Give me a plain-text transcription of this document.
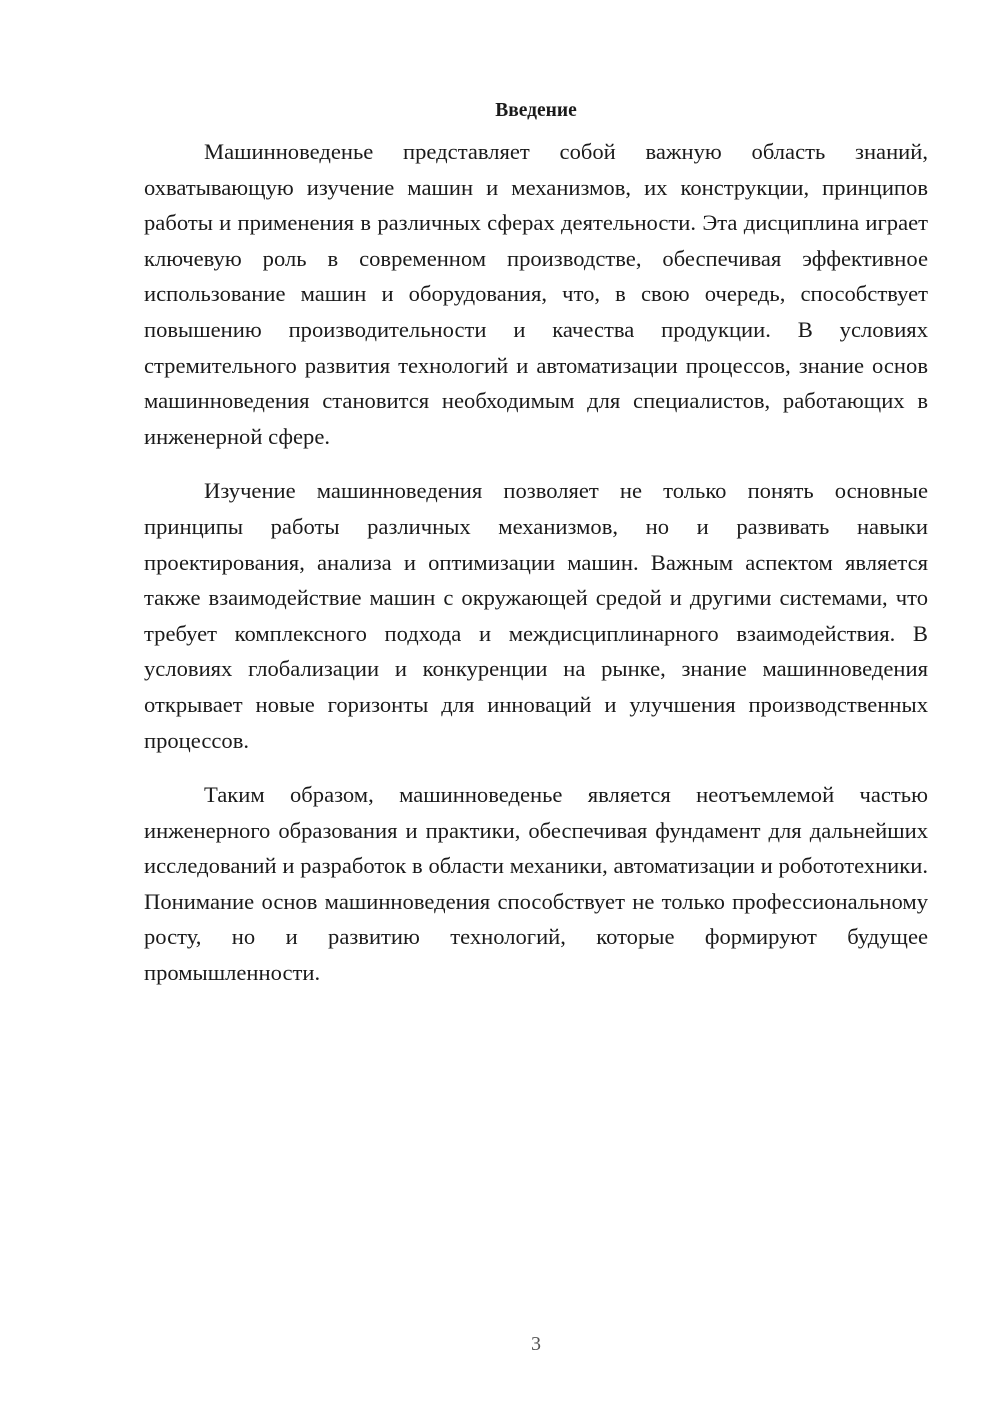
Введение

Машинноведенье представляет собой важную область знаний, охватывающую изучение машин и механизмов, их конструкции, принципов работы и применения в различных сферах деятельности. Эта дисциплина играет ключевую роль в современном производстве, обеспечивая эффективное использование машин и оборудования, что, в свою очередь, способствует повышению производительности и качества продукции. В условиях стремительного развития технологий и автоматизации процессов, знание основ машинноведения становится необходимым для специалистов, работающих в инженерной сфере.

Изучение машинноведения позволяет не только понять основные принципы работы различных механизмов, но и развивать навыки проектирования, анализа и оптимизации машин. Важным аспектом является также взаимодействие машин с окружающей средой и другими системами, что требует комплексного подхода и междисциплинарного взаимодействия. В условиях глобализации и конкуренции на рынке, знание машинноведения открывает новые горизонты для инноваций и улучшения производственных процессов.

Таким образом, машинноведенье является неотъемлемой частью инженерного образования и практики, обеспечивая фундамент для дальнейших исследований и разработок в области механики, автоматизации и робототехники. Понимание основ машинноведения способствует не только профессиональному росту, но и развитию технологий, которые формируют будущее промышленности.

3
